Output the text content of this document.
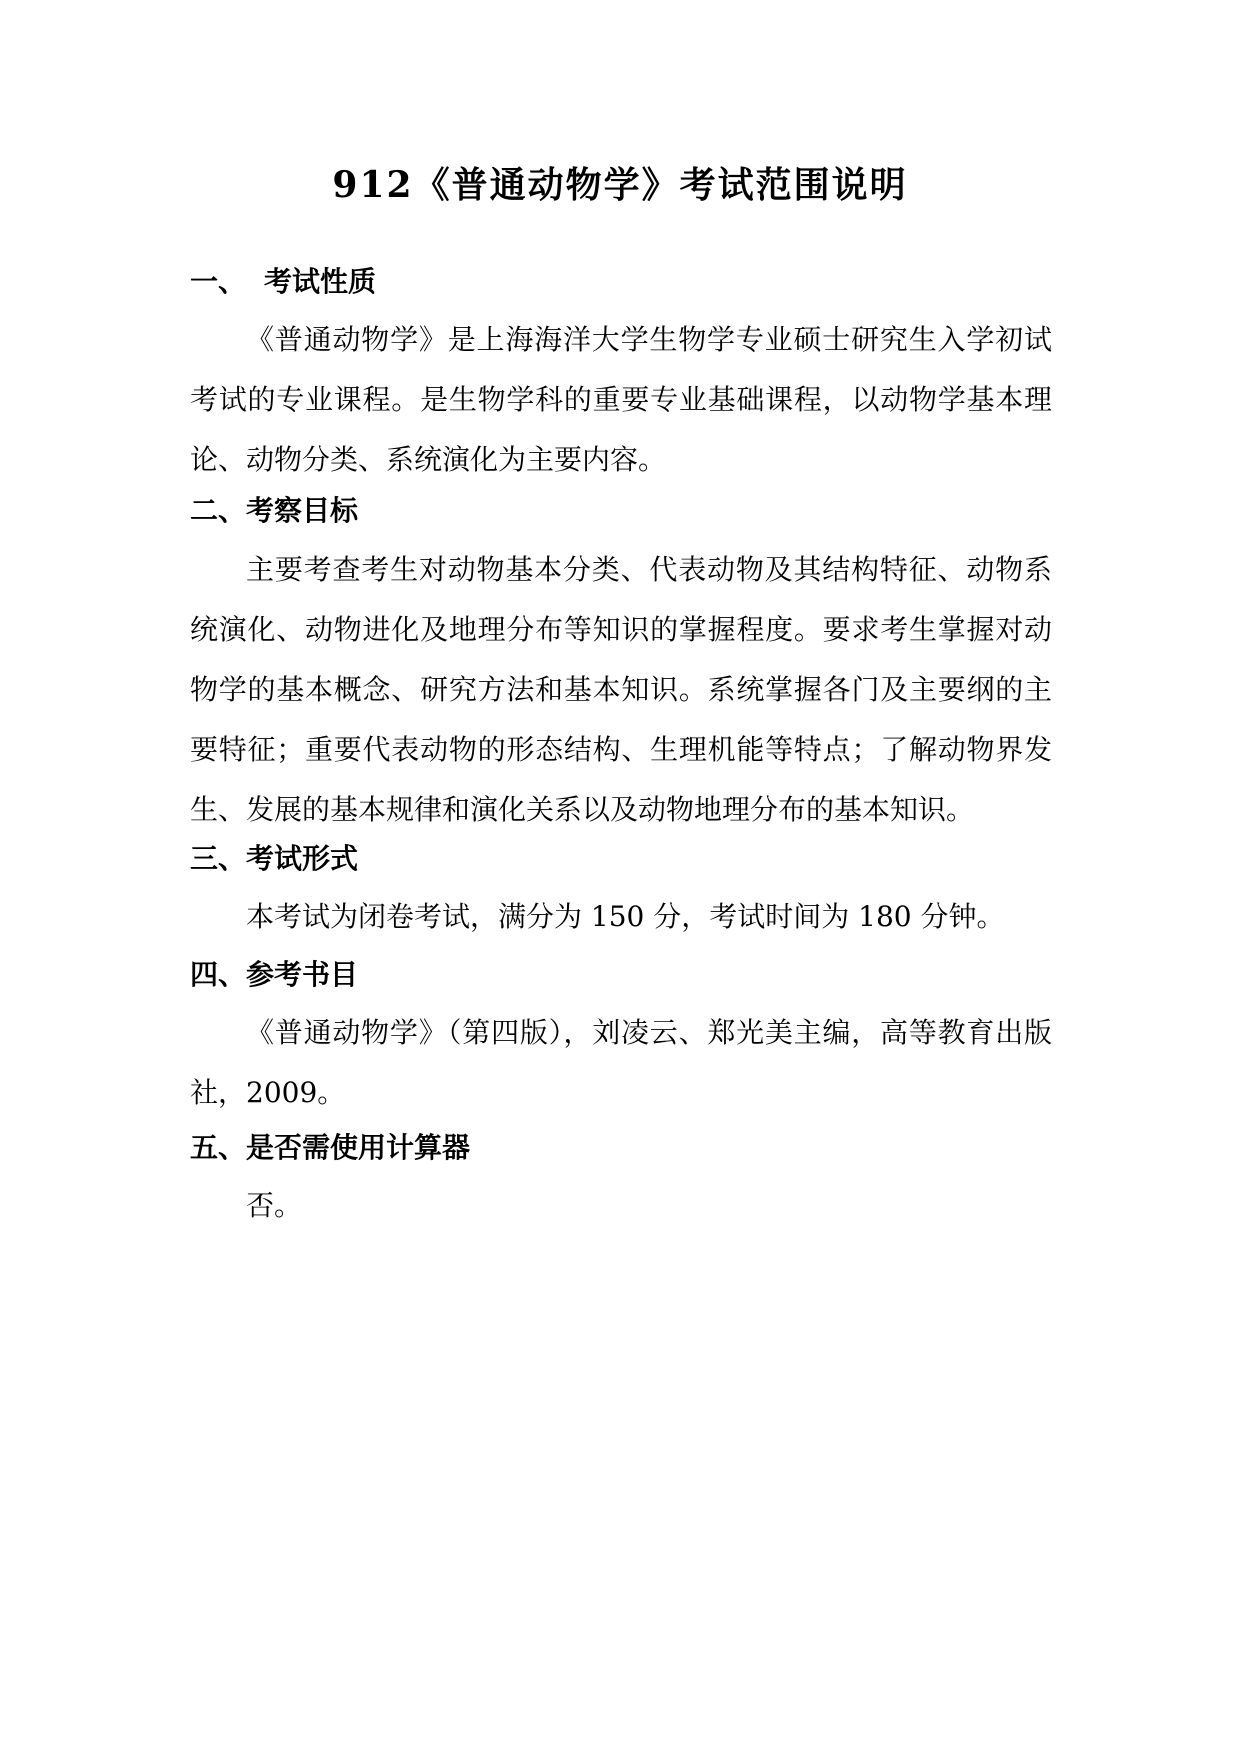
912《普通动物学》考试范围说明
一、 考试性质
《普通动物学》是上海海洋大学生物学专业硕士研究生入学初试
考试的专业课程。是生物学科的重要专业基础课程，以动物学基本理
论、动物分类、系统演化为主要内容。
二、考察目标
主要考查考生对动物基本分类、代表动物及其结构特征、动物系
统演化、动物进化及地理分布等知识的掌握程度。要求考生掌握对动
物学的基本概念、研究方法和基本知识。系统掌握各门及主要纲的主
要特征；重要代表动物的形态结构、生理机能等特点；了解动物界发
生、发展的基本规律和演化关系以及动物地理分布的基本知识。
三、考试形式
本考试为闭卷考试，满分为 150 分，考试时间为 180 分钟。
四、参考书目
《普通动物学》（第四版），刘凌云、郑光美主编，高等教育出版
社，2009。
五、是否需使用计算器
否。
